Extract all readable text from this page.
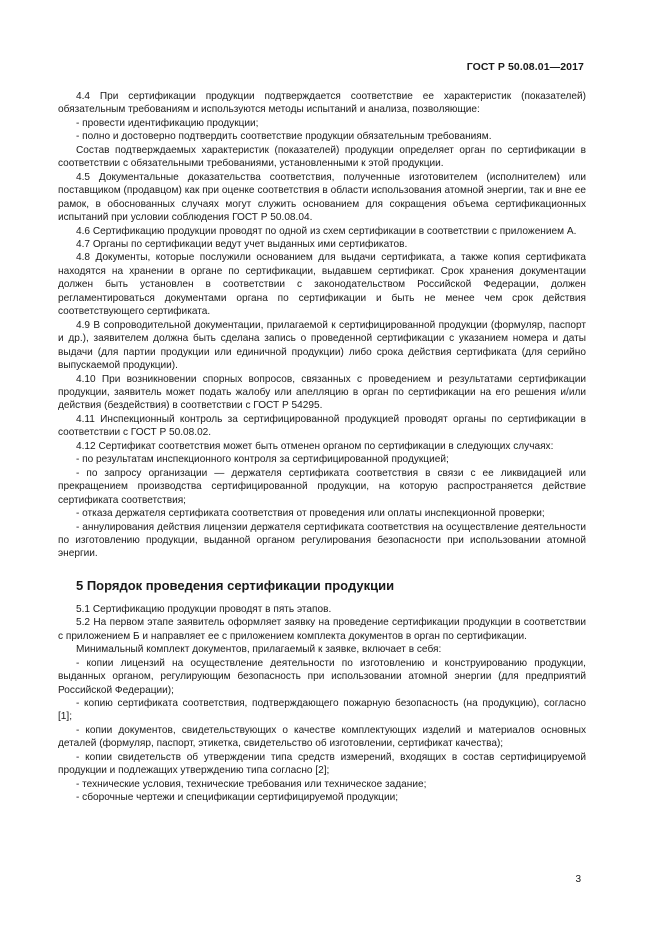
ГОСТ Р 50.08.01—2017

4.4 При сертификации продукции подтверждается соответствие ее характеристик (показателей) обязательным требованиям и используются методы испытаний и анализа, позволяющие:

- провести идентификацию продукции;

- полно и достоверно подтвердить соответствие продукции обязательным требованиям.

Состав подтверждаемых характеристик (показателей) продукции определяет орган по сертификации в соответствии с обязательными требованиями, установленными к этой продукции.

4.5 Документальные доказательства соответствия, полученные изготовителем (исполнителем) или поставщиком (продавцом) как при оценке соответствия в области использования атомной энергии, так и вне ее рамок, в обоснованных случаях могут служить основанием для сокращения объема сертификационных испытаний при условии соблюдения ГОСТ Р 50.08.04.

4.6 Сертификацию продукции проводят по одной из схем сертификации в соответствии с приложением А.

4.7 Органы по сертификации ведут учет выданных ими сертификатов.

4.8 Документы, которые послужили основанием для выдачи сертификата, а также копия сертификата находятся на хранении в органе по сертификации, выдавшем сертификат. Срок хранения документации должен быть установлен в соответствии с законодательством Российской Федерации, должен регламентироваться документами органа по сертификации и быть не менее чем срок действия соответствующего сертификата.

4.9 В сопроводительной документации, прилагаемой к сертифицированной продукции (формуляр, паспорт и др.), заявителем должна быть сделана запись о проведенной сертификации с указанием номера и даты выдачи (для партии продукции или единичной продукции) либо срока действия сертификата (для серийно выпускаемой продукции).

4.10 При возникновении спорных вопросов, связанных с проведением и результатами сертификации продукции, заявитель может подать жалобу или апелляцию в орган по сертификации на его решения и/или действия (бездействия) в соответствии с ГОСТ Р 54295.

4.11 Инспекционный контроль за сертифицированной продукцией проводят органы по сертификации в соответствии с ГОСТ Р 50.08.02.

4.12 Сертификат соответствия может быть отменен органом по сертификации в следующих случаях:

- по результатам инспекционного контроля за сертифицированной продукцией;

- по запросу организации — держателя сертификата соответствия в связи с ее ликвидацией или прекращением производства сертифицированной продукции, на которую распространяется действие сертификата соответствия;

- отказа держателя сертификата соответствия от проведения или оплаты инспекционной проверки;

- аннулирования действия лицензии держателя сертификата соответствия на осуществление деятельности по изготовлению продукции, выданной органом регулирования безопасности при использовании атомной энергии.

5 Порядок проведения сертификации продукции

5.1 Сертификацию продукции проводят в пять этапов.

5.2 На первом этапе заявитель оформляет заявку на проведение сертификации продукции в соответствии с приложением Б и направляет ее с приложением комплекта документов в орган по сертификации.

Минимальный комплект документов, прилагаемый к заявке, включает в себя:

- копии лицензий на осуществление деятельности по изготовлению и конструированию продукции, выданных органом, регулирующим безопасность при использовании атомной энергии (для предприятий Российской Федерации);

- копию сертификата соответствия, подтверждающего пожарную безопасность (на продукцию), согласно [1];

- копии документов, свидетельствующих о качестве комплектующих изделий и материалов основных деталей (формуляр, паспорт, этикетка, свидетельство об изготовлении, сертификат качества);

- копии свидетельств об утверждении типа средств измерений, входящих в состав сертифицируемой продукции и подлежащих утверждению типа согласно [2];

- технические условия, технические требования или техническое задание;

- сборочные чертежи и спецификации сертифицируемой продукции;

3
